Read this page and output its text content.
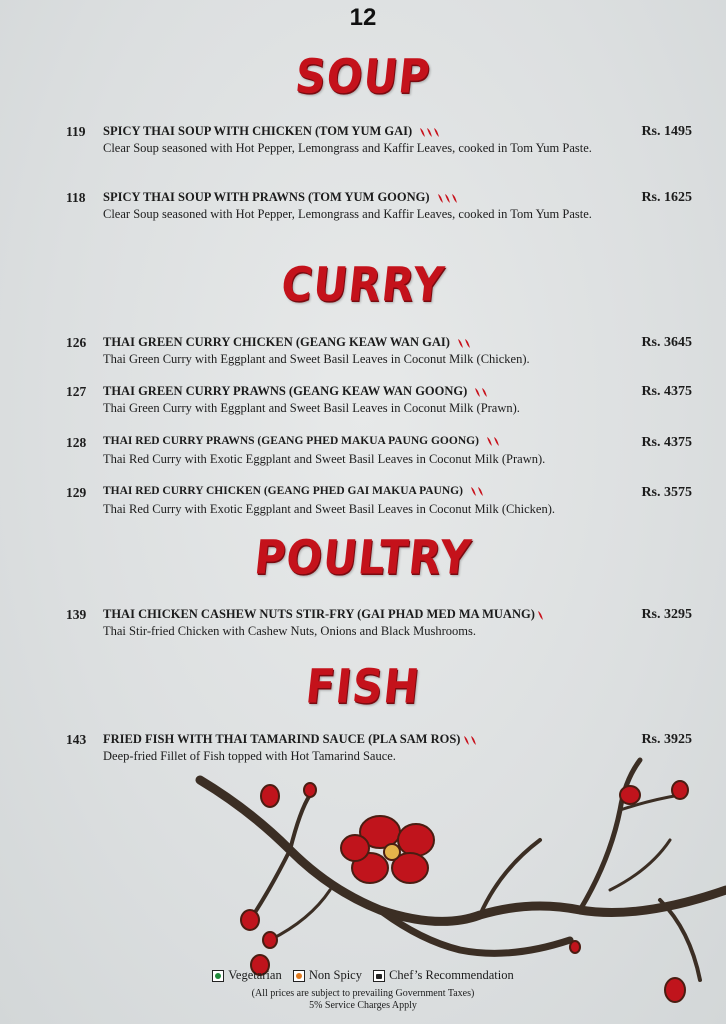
12
SOUP
119 SPICY THAI SOUP WITH CHICKEN (TOM YUM GAI)	Rs. 1495
Clear Soup seasoned with Hot Pepper, Lemongrass and Kaffir Leaves, cooked in Tom Yum Paste.
118 SPICY THAI SOUP WITH PRAWNS (TOM YUM GOONG)	Rs. 1625
Clear Soup seasoned with Hot Pepper, Lemongrass and Kaffir Leaves, cooked in Tom Yum Paste.
CURRY
126 THAI GREEN CURRY CHICKEN (GEANG KEAW WAN GAI)	Rs. 3645
Thai Green Curry with Eggplant and Sweet Basil Leaves in Coconut Milk (Chicken).
127 THAI GREEN CURRY PRAWNS (GEANG KEAW WAN GOONG)	Rs. 4375
Thai Green Curry with Eggplant and Sweet Basil Leaves in Coconut Milk (Prawn).
128 THAI RED CURRY PRAWNS (GEANG PHED MAKUA PAUNG GOONG)	Rs. 4375
Thai Red Curry with Exotic Eggplant and Sweet Basil Leaves in Coconut Milk (Prawn).
129 THAI RED CURRY CHICKEN (GEANG PHED GAI MAKUA PAUNG)	Rs. 3575
Thai Red Curry with Exotic Eggplant and Sweet Basil Leaves in Coconut Milk (Chicken).
POULTRY
139 THAI CHICKEN CASHEW NUTS STIR-FRY (GAI PHAD MED MA MUANG)	Rs. 3295
Thai Stir-fried Chicken with Cashew Nuts, Onions and Black Mushrooms.
FISH
143 FRIED FISH WITH THAI TAMARIND SAUCE (PLA SAM ROS)	Rs. 3925
Deep-fried Fillet of Fish topped with Hot Tamarind Sauce.
Vegetarian Non Spicy Chef’s Recommendation
(All prices are subject to prevailing Government Taxes)
5% Service Charges Apply
